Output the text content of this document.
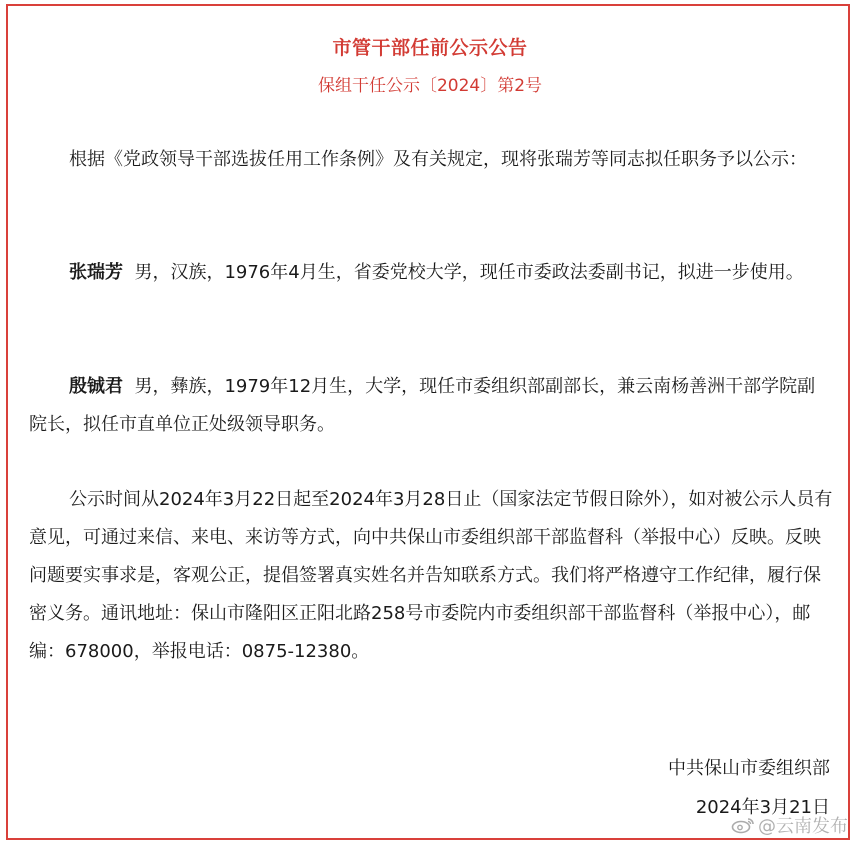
市管干部任前公示公告
保组干任公示〔2024〕第2号
根据《党政领导干部选拔任用工作条例》及有关规定，现将张瑞芳等同志拟任职务予以公示：
张瑞芳 男，汉族，1976年4月生，省委党校大学，现任市委政法委副书记，拟进一步使用。
殷铖君 男，彝族，1979年12月生，大学，现任市委组织部副部长，兼云南杨善洲干部学院副院长，拟任市直单位正处级领导职务。
公示时间从2024年3月22日起至2024年3月28日止（国家法定节假日除外），如对被公示人员有意见，可通过来信、来电、来访等方式，向中共保山市委组织部干部监督科（举报中心）反映。反映问题要实事求是，客观公正，提倡签署真实姓名并告知联系方式。我们将严格遵守工作纪律，履行保密义务。通讯地址：保山市隆阳区正阳北路258号市委院内市委组织部干部监督科（举报中心），邮编：678000，举报电话：0875-12380。
中共保山市委组织部
2024年3月21日
@云南发布
